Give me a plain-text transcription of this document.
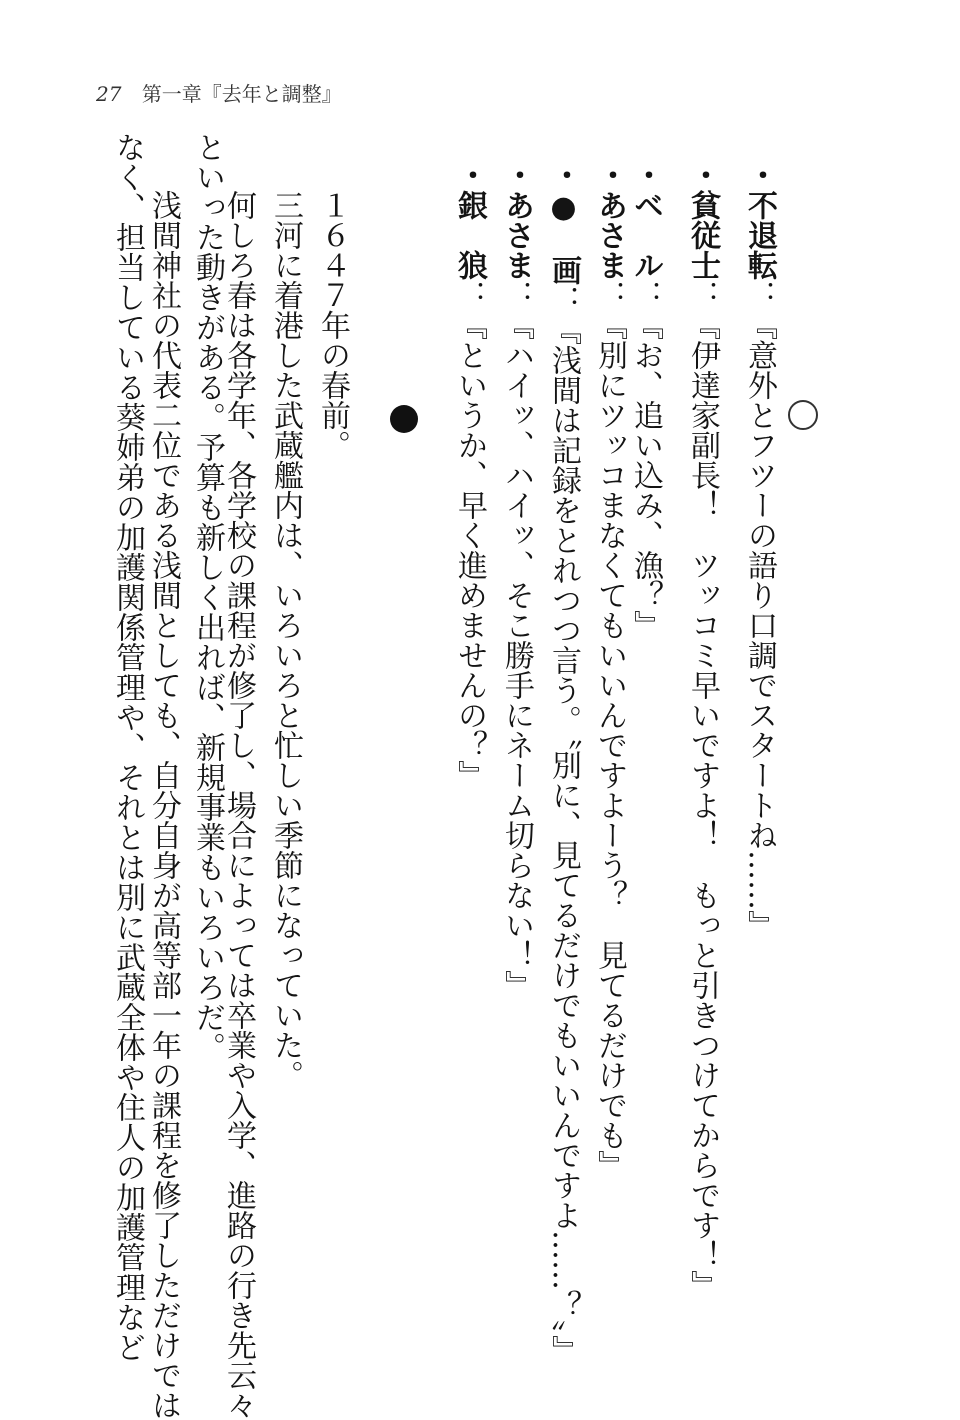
27 第一章『去年と調整』
・不退転：『意外とフツーの語り口調でスタートね……』
・貧従士：『伊達家副長！　ツッコミ早いですよ！　もっと引きつけてからです！』
・ベ　ル：『お、追い込み、漁？』
・あさま：『別にツッコまなくてもいいんですよーう？　見てるだけでも』
・●　画：『浅間は記録をとれつつ言う。〝別に、見てるだけでもいいんですよ……？〟』
・あさま：『ハイッ、ハイッ、そこ勝手にネーム切らない！』
・銀　狼：『というか、早く進めませんの？』
　１６４７年の春前。
　三河に着港した武蔵艦内は、いろいろと忙しい季節になっていた。
　何しろ春は各学年、各学校の課程が修了し、場合によっては卒業や入学、進路の行き先云々
といった動きがある。予算も新しく出れば、新規事業もいろいろだ。
　浅間神社の代表二位である浅間としても、自分自身が高等部一年の課程を修了しただけでは
なく、担当している葵姉弟の加護関係管理や、それとは別に武蔵全体や住人の加護管理など
